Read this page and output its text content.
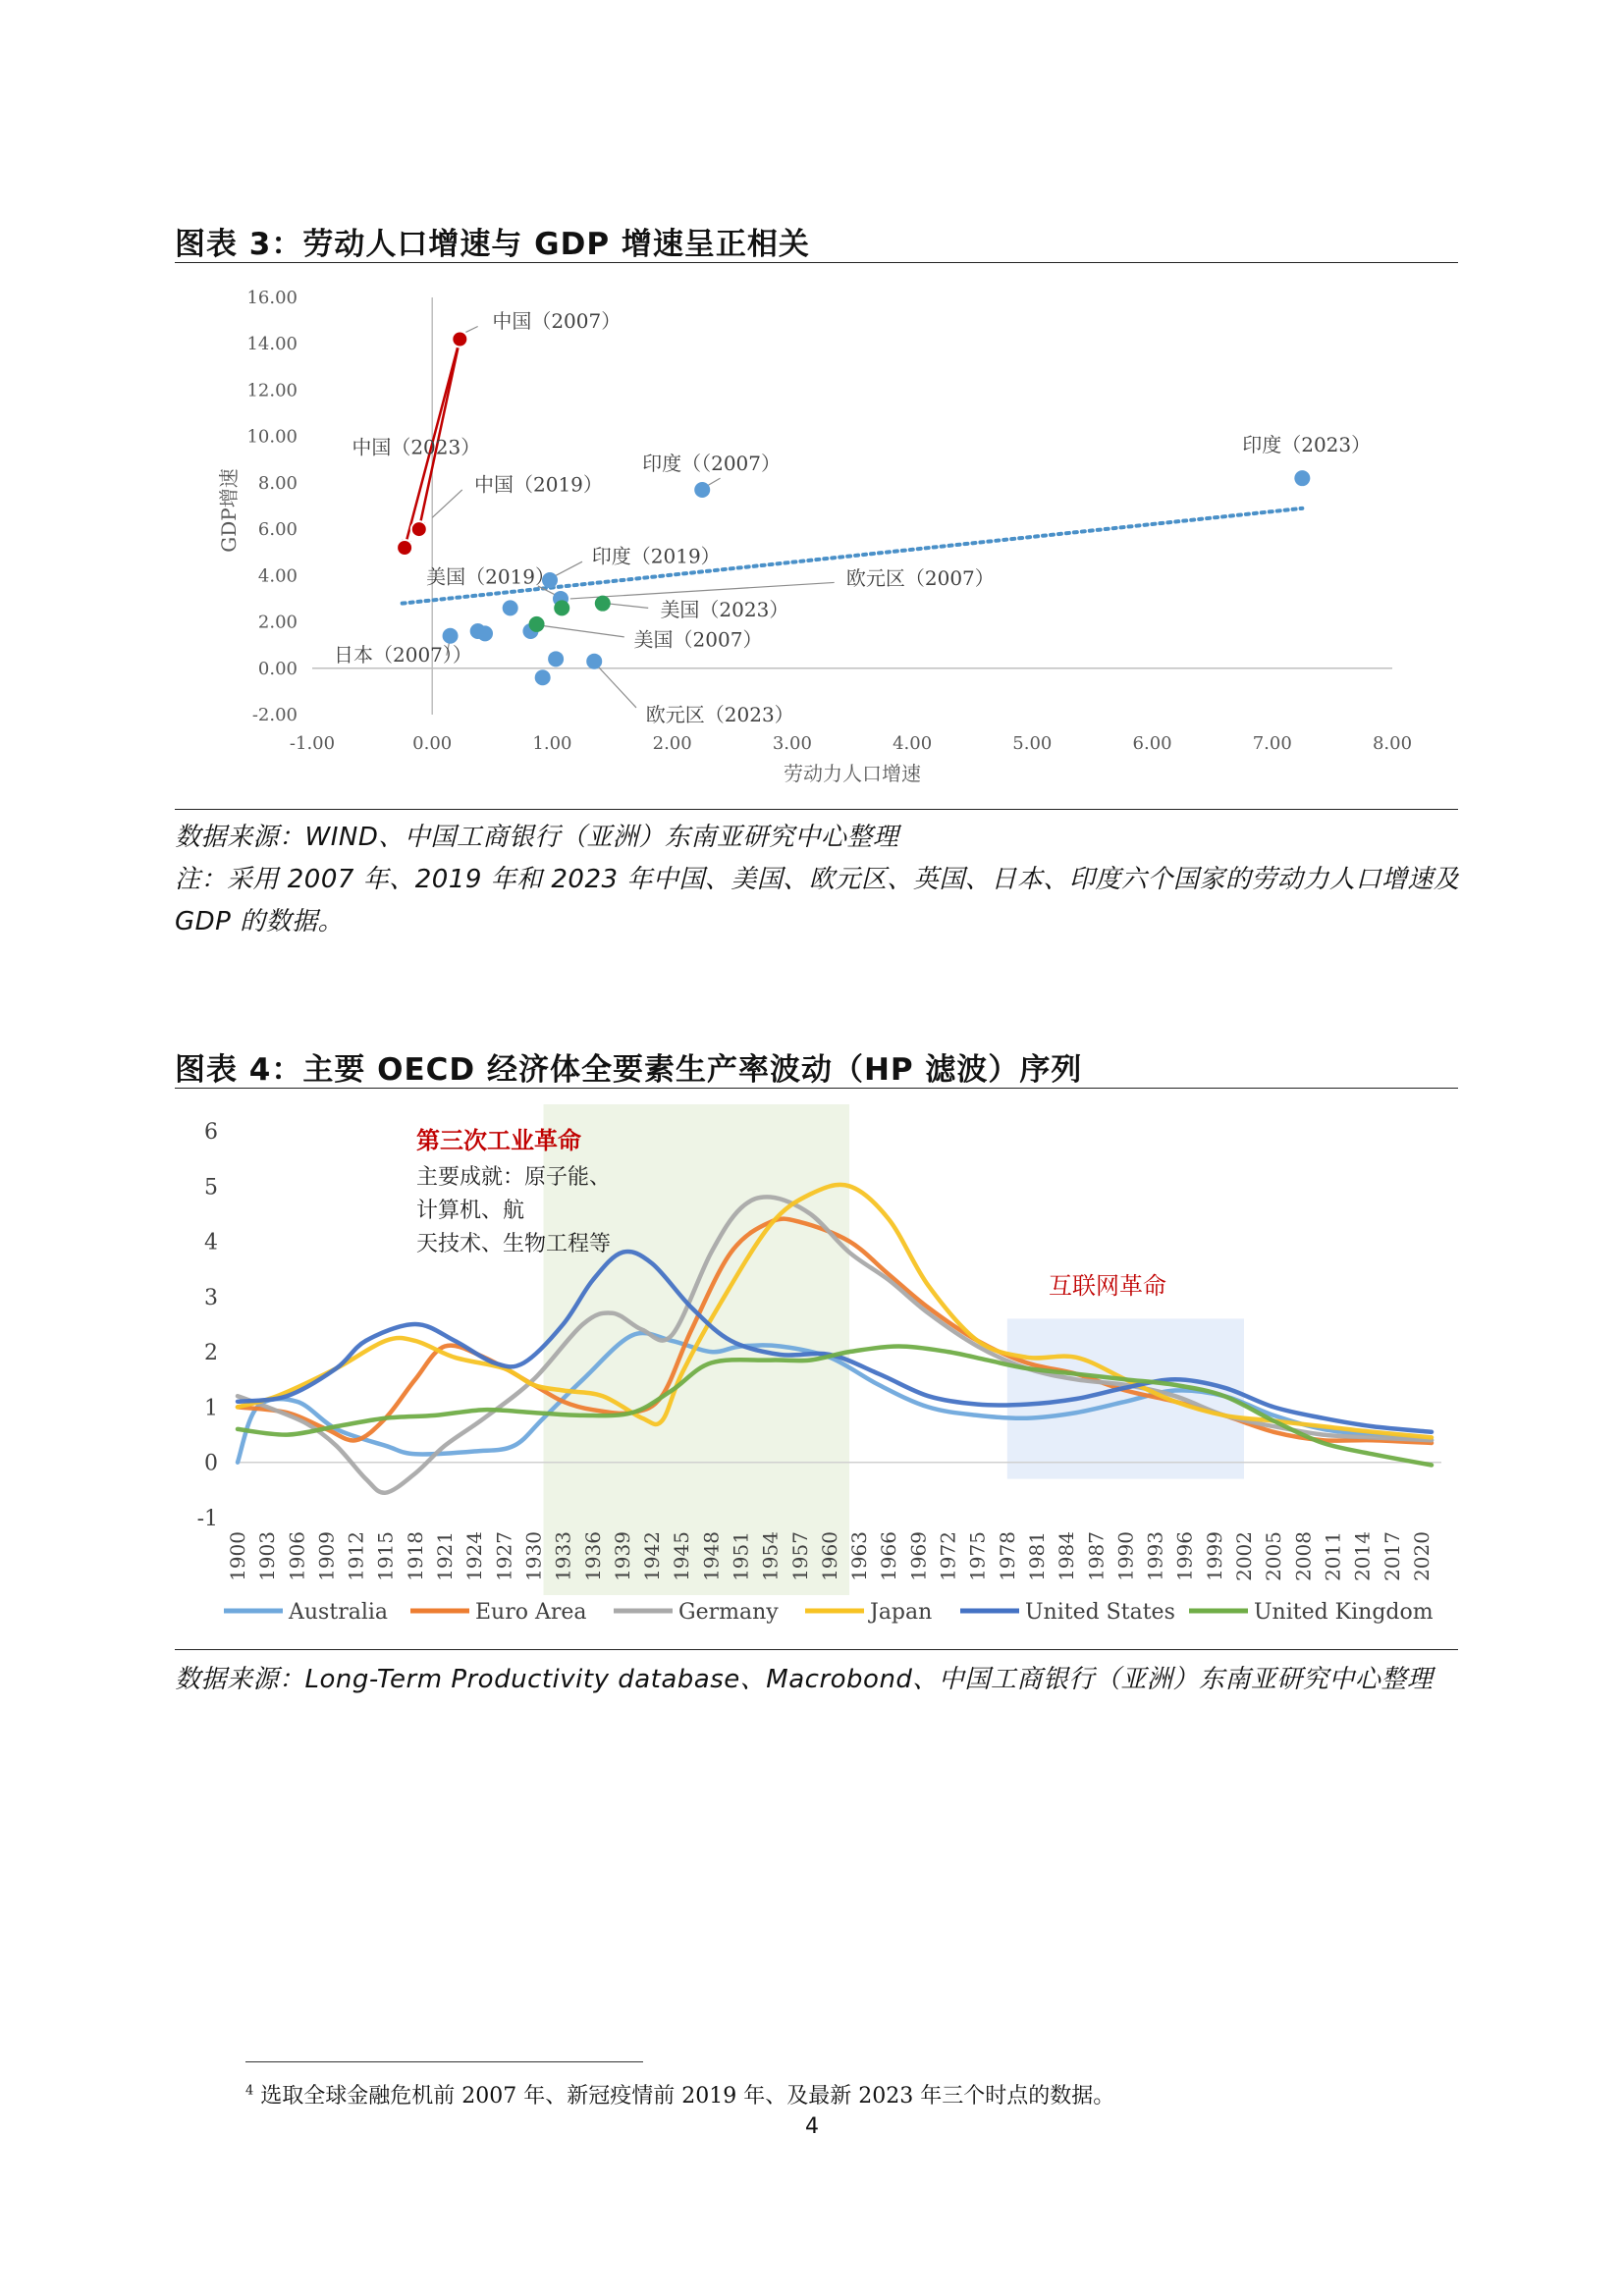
图表 3：劳动人口增速与 GDP 增速呈正相关
-1.00	0.00	1.00	2.00	3.00	4.00	5.00	6.00	7.00	8.00
-2.00
0.00
2.00
4.00
6.00
8.00
10.00
12.00
14.00
16.00
劳动力人口增速
GDP增速
中国（2007）
中国（2023）
中国（2019）
印度（（2007）
印度（2023）
印度（2019）
美国（2019）	欧元区（2007）
美国（2023）
美国（2007）
日本（2007））
欧元区（2023）
数据来源：WIND、中国工商银行（亚洲）东南亚研究中心整理
注：采用 2007 年、2019 年和 2023 年中国、美国、欧元区、英国、日本、印度六个国家的劳动力人口增速及
GDP 的数据。
图表 4：主要 OECD 经济体全要素生产率波动（HP 滤波）序列
6
5
4
3
2
1
0
-1
1900 1903 1906 1909 1912 1915 1918 1921 1924 1927 1930 1933 1936 1939 1942 1945 1948 1951 1954 1957 1960 1963 1966 1969 1972 1975 1978 1981 1984 1987 1990 1993 1996 1999 2002 2005 2008 2011 2014 2017 2020
第三次工业革命
主要成就：原子能、
计算机、航
天技术、生物工程等
互联网革命
Australia	Euro Area	Germany	Japan	United States	United Kingdom
数据来源：Long-Term Productivity database、Macrobond、中国工商银行（亚洲）东南亚研究中心整理
$^4$ 选取全球金融危机前 2007 年、新冠疫情前 2019 年、及最新 2023 年三个时点的数据。
4
